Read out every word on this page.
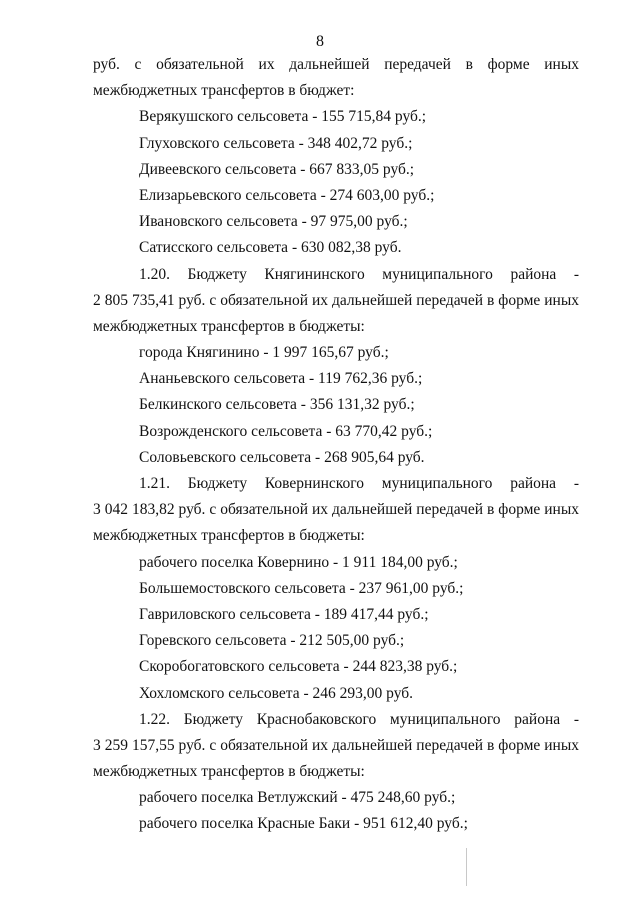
8
руб. с обязательной их дальнейшей передачей в форме иных
межбюджетных трансфертов в бюджет:
Верякушского сельсовета - 155 715,84 руб.;
Глуховского сельсовета - 348 402,72 руб.;
Дивеевского сельсовета - 667 833,05 руб.;
Елизарьевского сельсовета - 274 603,00 руб.;
Ивановского сельсовета - 97 975,00 руб.;
Сатисского сельсовета - 630 082,38 руб.
1.20. Бюджету Княгининского муниципального района -
2 805 735,41 руб. с обязательной их дальнейшей передачей в форме иных
межбюджетных трансфертов в бюджеты:
города Княгинино - 1 997 165,67 руб.;
Ананьевского сельсовета - 119 762,36 руб.;
Белкинского сельсовета - 356 131,32 руб.;
Возрожденского сельсовета - 63 770,42 руб.;
Соловьевского сельсовета - 268 905,64 руб.
1.21. Бюджету Ковернинского муниципального района -
3 042 183,82 руб. с обязательной их дальнейшей передачей в форме иных
межбюджетных трансфертов в бюджеты:
рабочего поселка Ковернино - 1 911 184,00 руб.;
Большемостовского сельсовета - 237 961,00 руб.;
Гавриловского сельсовета - 189 417,44 руб.;
Горевского сельсовета - 212 505,00 руб.;
Скоробогатовского сельсовета - 244 823,38 руб.;
Хохломского сельсовета - 246 293,00 руб.
1.22. Бюджету Краснобаковского муниципального района -
3 259 157,55 руб. с обязательной их дальнейшей передачей в форме иных
межбюджетных трансфертов в бюджеты:
рабочего поселка Ветлужский - 475 248,60 руб.;
рабочего поселка Красные Баки - 951 612,40 руб.;
